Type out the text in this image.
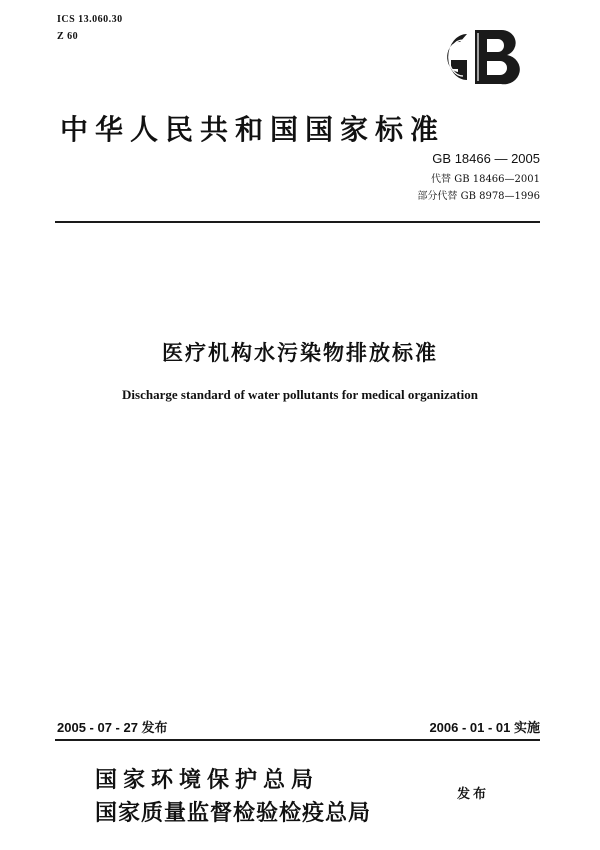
ICS 13.060.30
Z 60
中华人民共和国国家标准
GB 18466 — 2005
代替 GB 18466—2001
部分代替 GB 8978—1996
医疗机构水污染物排放标准
Discharge standard of water pollutants for medical organization
2005 - 07 - 27 发布	2006 - 01 - 01 实施
国家环境保护总局
国家质量监督检验检疫总局
发布
